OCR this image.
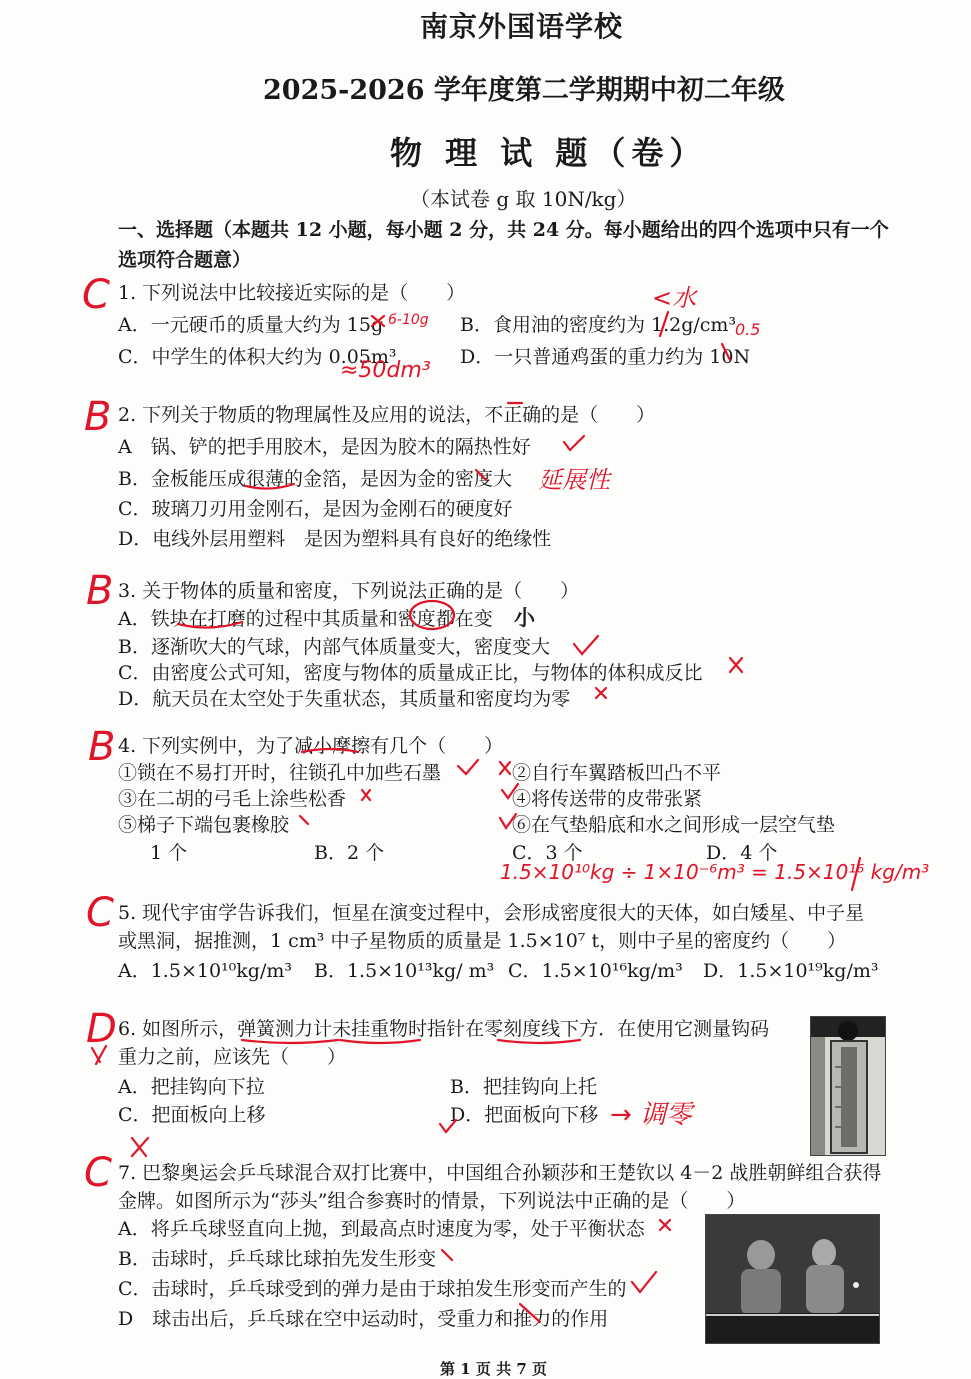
南京外国语学校
2025-2026 学年度第二学期期中初二年级
物 理 试 题（卷）
（本试卷 g 取 10N/kg）
一、选择题（本题共 12 小题，每小题 2 分，共 24 分。每小题给出的四个选项中只有一个
选项符合题意）
C 1. 下列说法中比较接近实际的是（　　）
A．一元硬币的质量大约为 15g	B．食用油的密度约为 1.2g/cm³
C．中学生的体积大约为 0.05m³	D．一只普通鸡蛋的重力约为 10N
6-10g
<水
≈50dm³
0.5
B 2. 下列关于物质的物理属性及应用的说法，不正确的是（　　）
A　锅、铲的把手用胶木，是因为胶木的隔热性好
B．金板能压成很薄的金箔，是因为金的密度大
C．玻璃刀刃用金刚石，是因为金刚石的硬度好
D．电线外层用塑料　是因为塑料具有良好的绝缘性
延展性
B 3. 关于物体的质量和密度，下列说法正确的是（　　）
A．铁块在打磨的过程中其质量和密度都在变
B．逐渐吹大的气球，内部气体质量变大，密度变大
C．由密度公式可知，密度与物体的质量成正比，与物体的体积成反比
D．航天员在太空处于失重状态，其质量和密度均为零
小
B 4. 下列实例中，为了减小摩擦有几个（　　）
①锁在不易打开时，往锁孔中加些石墨	②自行车翼踏板凹凸不平
③在二胡的弓毛上涂些松香	④将传送带的皮带张紧
⑤梯子下端包裹橡胶	⑥在气垫船底和水之间形成一层空气垫
1 个	B．2 个	C．3 个	D．4 个
1.5×10¹⁰kg ÷ 1×10⁻⁶m³ = 1.5×10¹⁶ kg/m³
C 5. 现代宇宙学告诉我们，恒星在演变过程中，会形成密度很大的天体，如白矮星、中子星
或黑洞，据推测，1 cm³ 中子星物质的质量是 1.5×10⁷ t，则中子星的密度约（　　）
A．1.5×10¹⁰kg/m³ B．1.5×10¹³kg/ m³ C．1.5×10¹⁶kg/m³ D．1.5×10¹⁹kg/m³
D 6. 如图所示，弹簧测力计未挂重物时指针在零刻度线下方．在使用它测量钩码
重力之前，应该先（　　）
A．把挂钩向下拉	B．把挂钩向上托
C．把面板向上移	D．把面板向下移 → 调零
C 7. 巴黎奥运会乒乓球混合双打比赛中，中国组合孙颖莎和王楚钦以 4－2 战胜朝鲜组合获得
金牌。如图所示为“莎头”组合参赛时的情景，下列说法中正确的是（　　）
A．将乒乓球竖直向上抛，到最高点时速度为零，处于平衡状态
B．击球时，乒乓球比球拍先发生形变
C．击球时，乒乓球受到的弹力是由于球拍发生形变而产生的
D　球击出后，乒乓球在空中运动时，受重力和推力的作用
第 1 页 共 7 页
